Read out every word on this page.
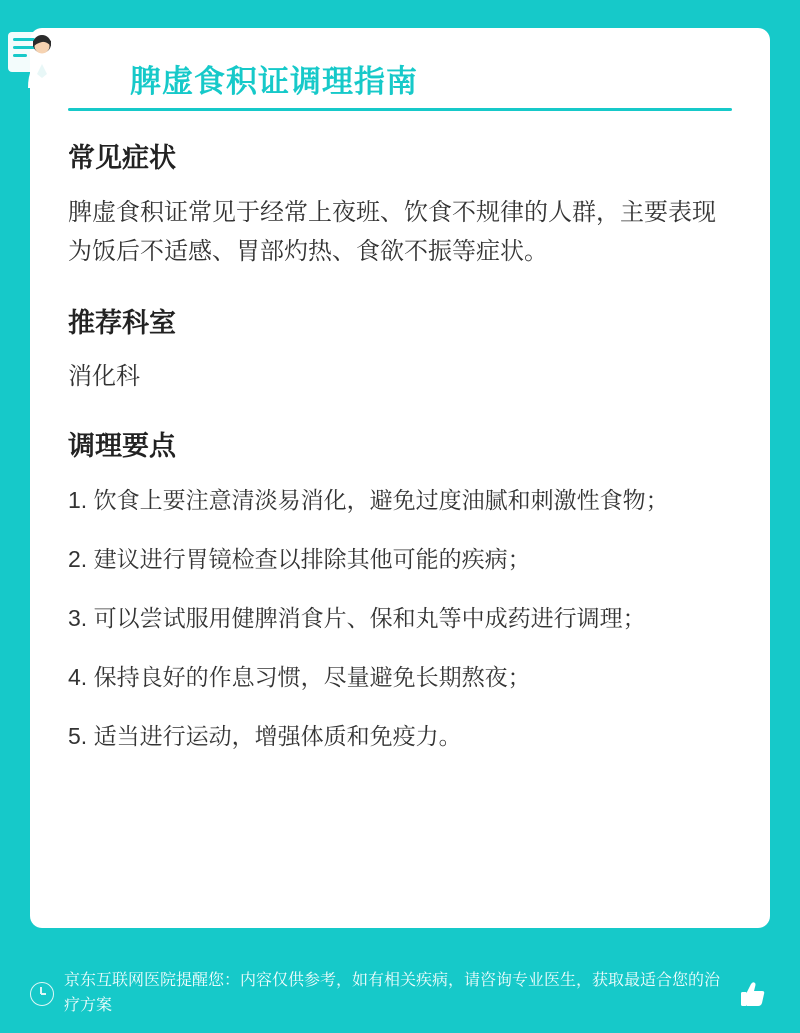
脾虚食积证调理指南
常见症状

脾虚食积证常见于经常上夜班、饮食不规律的人群，主要表现为饭后不适感、胃部灼热、食欲不振等症状。

推荐科室

消化科

调理要点
1. 饮食上要注意清淡易消化，避免过度油腻和刺激性食物；
2. 建议进行胃镜检查以排除其他可能的疾病；
3. 可以尝试服用健脾消食片、保和丸等中成药进行调理；
4. 保持良好的作息习惯，尽量避免长期熬夜；
5. 适当进行运动，增强体质和免疫力。
京东互联网医院提醒您：内容仅供参考，如有相关疾病，请咨询专业医生，获取最适合您的治疗方案
